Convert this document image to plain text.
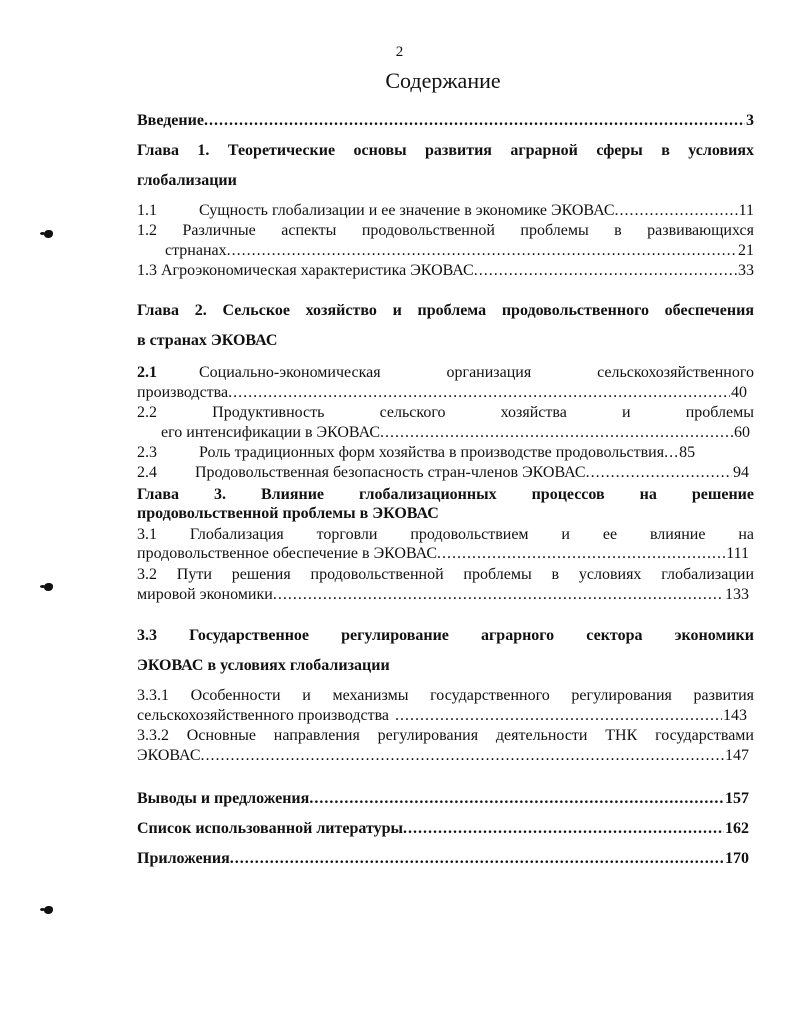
2
Содержание
Введение .....	3
Глава 1. Теоретические основы развития аграрной сферы в условиях
глобализации
1.1	Сущность глобализации и ее значение в экономике ЭКОВАС .....	11
1.2 Различные аспекты продовольственной проблемы в развивающихся
стрнанах .....	21
1.3 Агроэкономическая характеристика ЭКОВАС .....	33
Глава 2. Сельское хозяйство и проблема продовольственного обеспечения
в странах ЭКОВАС
2.1	Социально-экономическая организация сельскохозяйственного
производства .....	40
2.2 Продуктивность сельского хозяйства и проблемы
его интенсификации в ЭКОВАС .....	60
2.3	Роль традиционных форм хозяйства в производстве продовольствия ..... 85
2.4	Продовольственная безопасность стран-членов ЭКОВАС .....	94
Глава 3. Влияние глобализационных процессов на решение
продовольственной проблемы в ЭКОВАС
3.1 Глобализация торговли продовольствием и ее влияние на
продовольственное обеспечение в ЭКОВАС .....	111
3.2 Пути решения продовольственной проблемы в условиях глобализации
мировой экономики .....	133
3.3 Государственное регулирование аграрного сектора экономики
ЭКОВАС в условиях глобализации
3.3.1 Особенности и механизмы государственного регулирования развития
сельскохозяйственного производства .....	143
3.3.2 Основные направления регулирования деятельности ТНК государствами
ЭКОВАС .....	147
Выводы и предложения .....	157
Список использованной литературы .....	162
Приложения .....	170
